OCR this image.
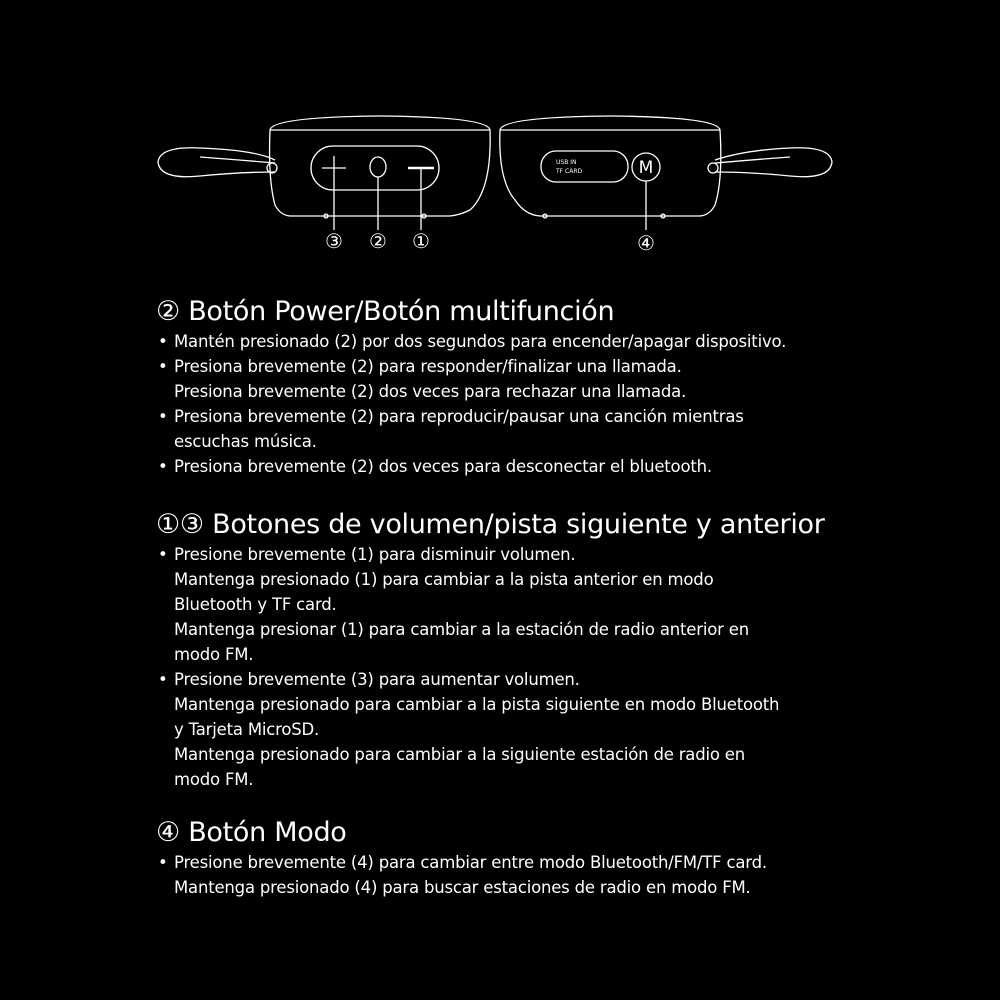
USB IN
TF CARD	M
③ ② ①	④
② Botón Power/Botón multifunción
• Mantén presionado (2) por dos segundos para encender/apagar dispositivo.
• Presiona brevemente (2) para responder/finalizar una llamada.
Presiona brevemente (2) dos veces para rechazar una llamada.
• Presiona brevemente (2) para reproducir/pausar una canción mientras
escuchas música.
• Presiona brevemente (2) dos veces para desconectar el bluetooth.
①③ Botones de volumen/pista siguiente y anterior
• Presione brevemente (1) para disminuir volumen.
Mantenga presionado (1) para cambiar a la pista anterior en modo
Bluetooth y TF card.
Mantenga presionar (1) para cambiar a la estación de radio anterior en
modo FM.
• Presione brevemente (3) para aumentar volumen.
Mantenga presionado para cambiar a la pista siguiente en modo Bluetooth
y Tarjeta MicroSD.
Mantenga presionado para cambiar a la siguiente estación de radio en
modo FM.
④ Botón Modo
• Presione brevemente (4) para cambiar entre modo Bluetooth/FM/TF card.
Mantenga presionado (4) para buscar estaciones de radio en modo FM.
